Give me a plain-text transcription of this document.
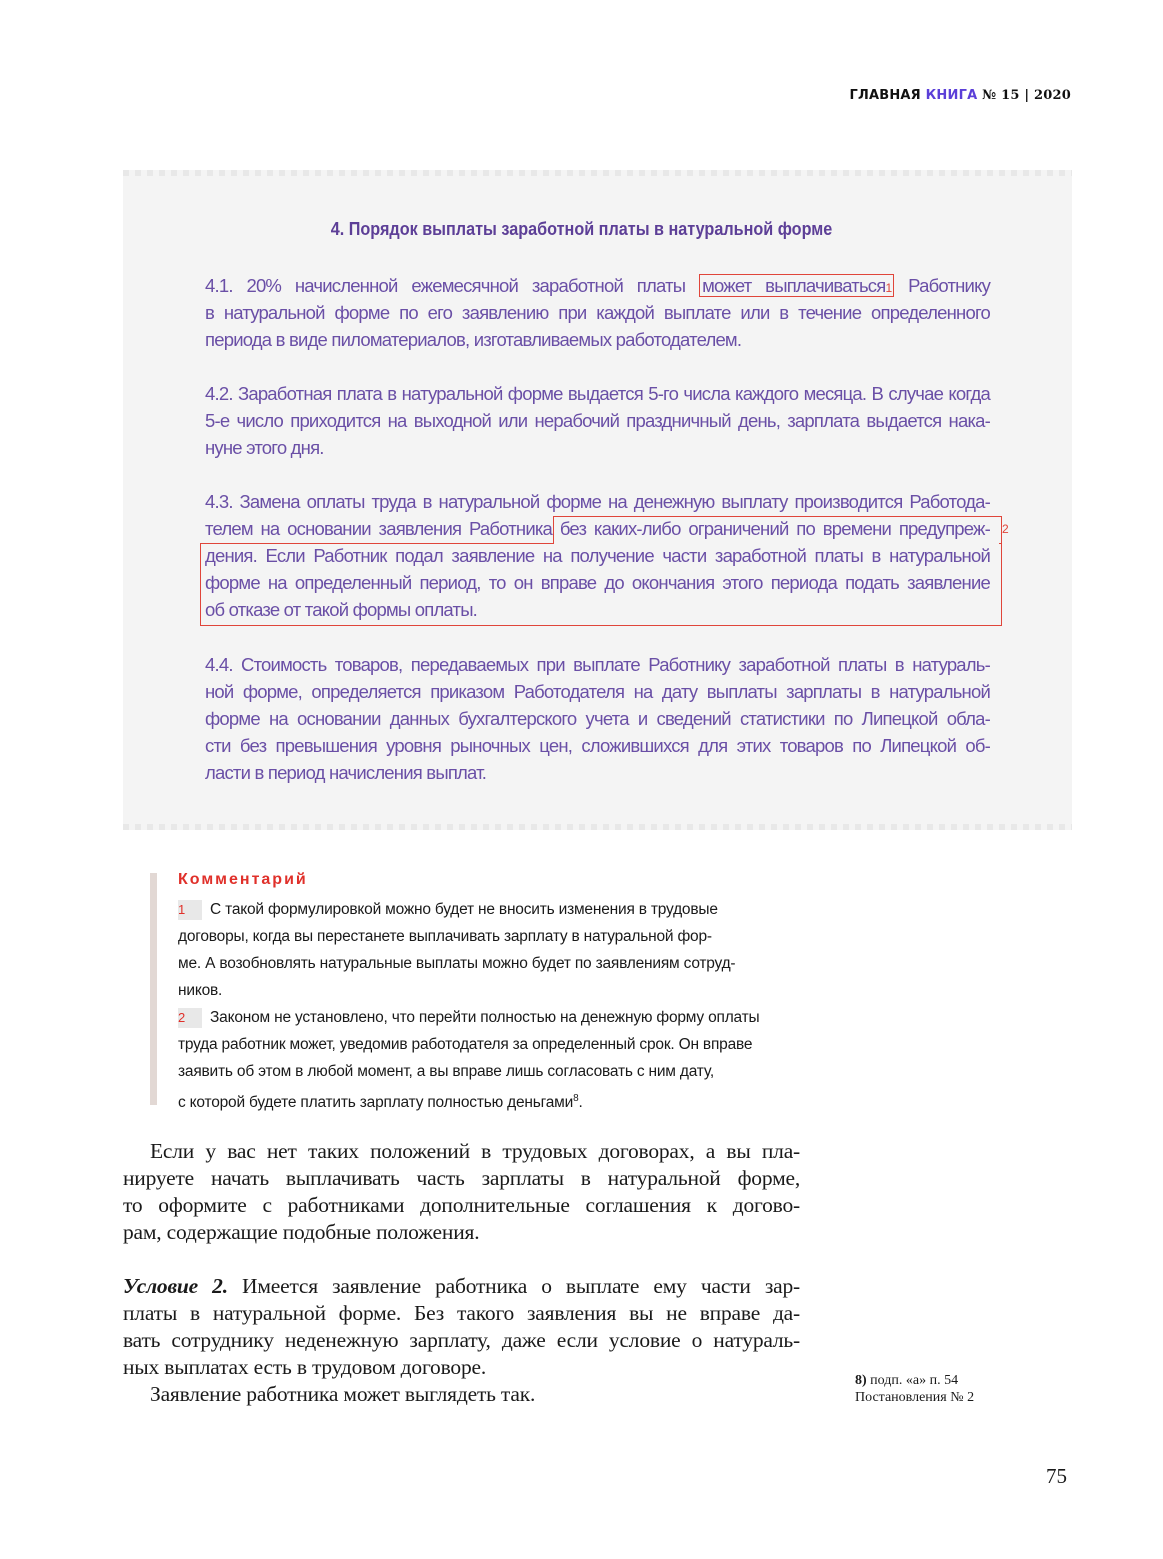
ГЛАВНАЯ КНИГА № 15 | 2020
4. Порядок выплаты заработной платы в натуральной форме
4.1. 20% начисленной ежемесячной заработной платы может выплачиваться1 Работнику
в натуральной форме по его заявлению при каждой выплате или в течение определенного
периода в виде пиломатериалов, изготавливаемых работодателем.
4.2. Заработная плата в натуральной форме выдается 5-го числа каждого месяца. В случае когда
5-е число приходится на выходной или нерабочий праздничный день, зарплата выдается нака-
нуне этого дня.
2
4.3. Замена оплаты труда в натуральной форме на денежную выплату производится Работода-
телем на основании заявления Работника без каких-либо ограничений по времени предупреж-
дения. Если Работник подал заявление на получение части заработной платы в натуральной
форме на определенный период, то он вправе до окончания этого периода подать заявление
об отказе от такой формы оплаты.
4.4. Стоимость товаров, передаваемых при выплате Работнику заработной платы в натураль-
ной форме, определяется приказом Работодателя на дату выплаты зарплаты в натуральной
форме на основании данных бухгалтерского учета и сведений статистики по Липецкой обла-
сти без превышения уровня рыночных цен, сложившихся для этих товаров по Липецкой об-
ласти в период начисления выплат.
Комментарий
1 С такой формулировкой можно будет не вносить изменения в трудовые
договоры, когда вы перестанете выплачивать зарплату в натуральной фор-
ме. А возобновлять натуральные выплаты можно будет по заявлениям сотруд-
ников.
2 Законом не установлено, что перейти полностью на денежную форму оплаты
труда работник может, уведомив работодателя за определенный срок. Он вправе
заявить об этом в любой момент, а вы вправе лишь согласовать с ним дату,
с которой будете платить зарплату полностью деньгами$^8$.
Если у вас нет таких положений в трудовых договорах, а вы пла-
нируете начать выплачивать часть зарплаты в натуральной форме,
то оформите с работниками дополнительные соглашения к догово-
рам, содержащие подобные положения.
Условие 2. Имеется заявление работника о выплате ему части зар-
платы в натуральной форме. Без такого заявления вы не вправе да-
вать сотруднику неденежную зарплату, даже если условие о натураль-
ных выплатах есть в трудовом договоре.
Заявление работника может выглядеть так.
8) подп. «а» п. 54
Постановления № 2
75
